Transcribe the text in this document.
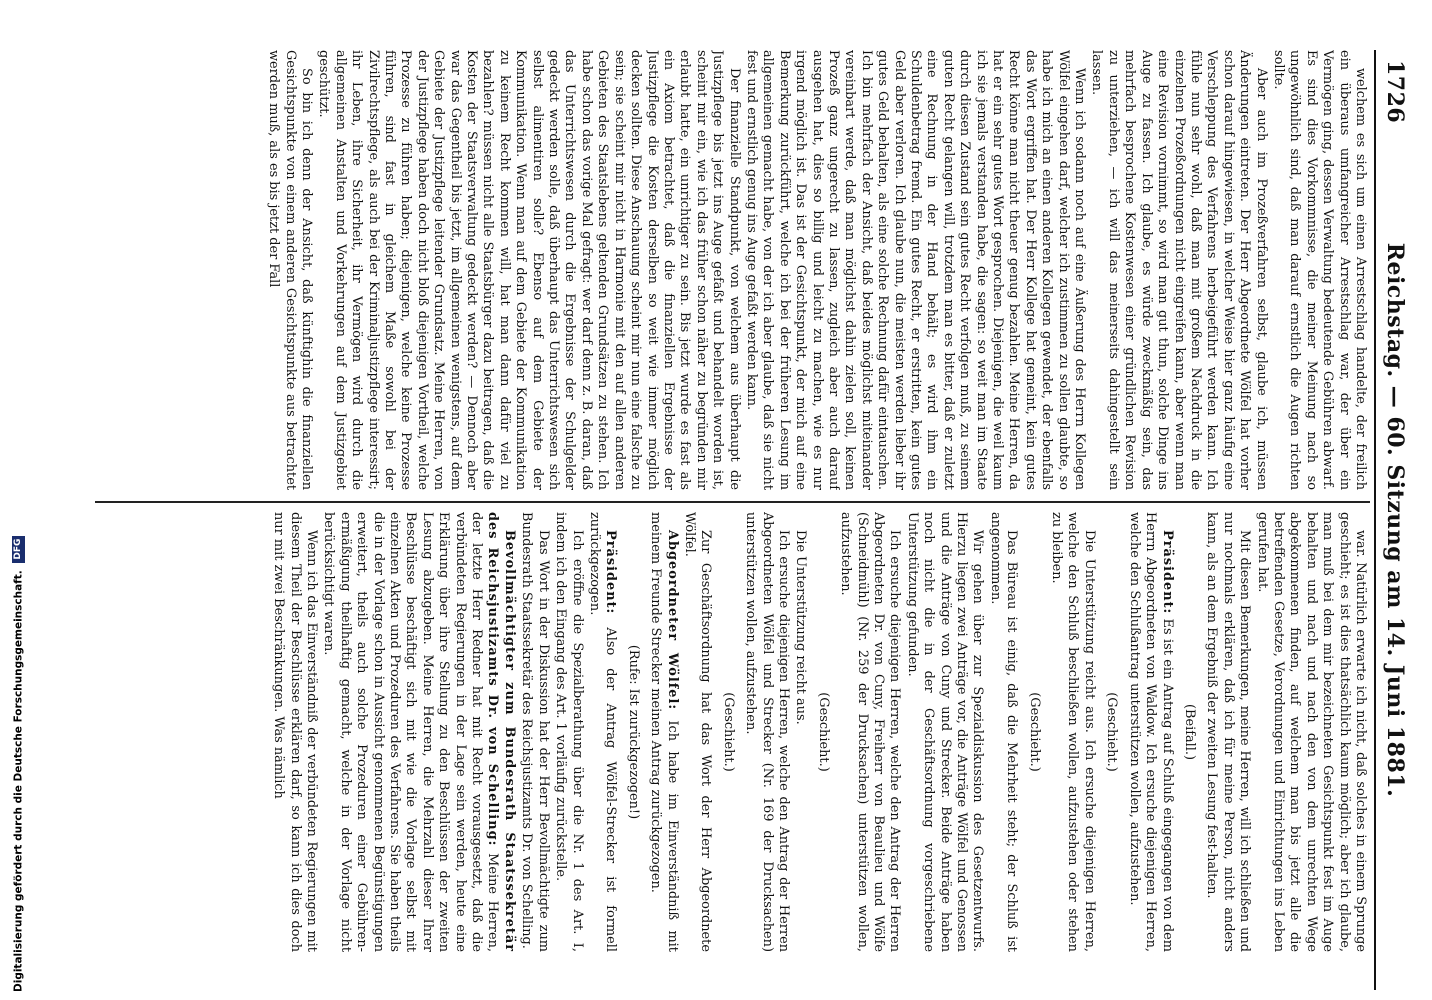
1726
Reichstag. — 60. Sitzung am 14. Juni 1881.

welchem es sich um einen Arrestschlag handelte, der freilich ein überaus umfangreicher Arrestschlag war, der über ein Vermögen ging, dessen Verwaltung bedeutende Gebühren abwarf. Es sind dies Vorkommnisse, die meiner Meinung nach so ungewöhnlich sind, daß man darauf ernstlich die Augen richten sollte.

Aber auch im Prozeßverfahren selbst, glaube ich, müssen Änderungen eintreten. Der Herr Abgeordnete Wölfel hat vorher schon darauf hingewiesen, in welcher Weise hier ganz häufig eine Verschleppung des Verfahrens herbeigeführt werden kann. Ich fühle nun sehr wohl, daß man mit großem Nachdruck in die einzelnen Prozeßordnungen nicht eingreifen kann, aber wenn man eine Revision vornimmt, so wird man gut thun, solche Dinge ins Auge zu fassen. Ich glaube, es würde zweckmäßig sein, das mehrfach besprochene Kostenwesen einer gründlichen Revision zu unterziehen, — ich will das meinerseits dahingestellt sein lassen.

Wenn ich sodann noch auf eine Äußerung des Herrn Kollegen Wölfel eingehen darf, welcher ich zustimmen zu sollen glaubte, so habe ich mich an einen anderen Kollegen gewendet, der ebenfalls das Wort ergriffen hat. Der Herr Kollege hat gemeint, kein gutes Recht könne man nicht theuer genug bezahlen. Meine Herren, da hat er ein sehr gutes Wort gesprochen. Diejenigen, die weil kaum ich sie jemals verstanden habe, die sagen: so weit man im Staate durch diesen Zustand sein gutes Recht verfolgen muß, zu seinem guten Recht gelangen will, trotzdem man es bitter, daß er zuletzt eine Rechnung in der Hand behält; es wird ihm ein Schuldenbetrag fremd. Ein gutes Recht, er erstritten, kein gutes Geld aber verloren. Ich glaube nun, die meisten werden lieber ihr gutes Geld behalten, als eine solche Rechnung dafür eintauschen. Ich bin mehrfach der Ansicht, daß beides möglichst miteinander vereinbart werde, daß man möglichst dahin zielen soll, keinen Prozeß ganz ungerecht zu lassen, zugleich aber auch darauf ausgehen hat, dies so billig und leicht zu machen, wie es nur irgend möglich ist. Das ist der Gesichtspunkt, der mich auf eine Bemerkung zurückführt, welche ich bei der früheren Lesung im allgemeinen gemacht habe, von der ich aber glaube, daß sie nicht fest und ernstlich genug ins Auge gefaßt werden kann.

Der finanzielle Standpunkt, von welchem aus überhaupt die Justizpflege bis jetzt ins Auge gefaßt und behandelt worden ist, scheint mir ein, wie ich das früher schon näher zu begründen mir erlaubt hatte, ein unrichtiger zu sein. Bis jetzt wurde es fast als ein Axiom betrachtet, daß die finanziellen Ergebnisse der Justizpflege die Kosten derselben so weit wie immer möglich decken sollten. Diese Anschauung scheint mir nun eine falsche zu sein; sie scheint mir nicht in Harmonie mit den auf allen anderen Gebieten des Staatslebens geltenden Grundsätzen zu stehen. Ich habe schon das vorige Mal gefragt: wer darf denn z. B. daran, daß das Unterrichtswesen durch die Ergebnisse der Schulgelder gedeckt werden solle, daß überhaupt das Unterrichtswesen sich selbst alimentiren solle? Ebenso auf dem Gebiete der Kommunikation. Wenn man auf dem Gebiete der Kommunikation zu keinem Recht kommen will, hat man dann dafür viel zu bezahlen? müssen nicht alle Staatsbürger dazu beitragen, daß die Kosten der Staatsverwaltung gedeckt werden? — Dennoch aber war das Gegentheil bis jetzt, im allgemeinen wenigstens, auf dem Gebiete der Justizpflege leitender Grundsatz. Meine Herren, von der Justizpflege haben doch nicht bloß diejenigen Vortheil, welche Prozesse zu führen haben; diejenigen, welche keine Prozesse führen, sind fast in gleichem Maße sowohl bei der Zivilrechtspflege, als auch bei der Kriminaljustizpflege interessirt; ihr Leben, ihre Sicherheit, ihr Vermögen wird durch die allgemeinen Anstalten und Vorkehrungen auf dem Justizgebiet geschützt.

So bin ich denn der Ansicht, daß künftighin die finanziellen Gesichtspunkte von einem anderen Gesichtspunkte aus betrachtet werden muß, als es bis jetzt der Fall

war. Natürlich erwarte ich nicht, daß solches in einem Sprunge geschieht; es ist dies thatsächlich kaum möglich; aber ich glaube, man muß bei dem mir bezeichneten Gesichtspunkt fest im Auge behalten und nach und nach den von dem unrechten Wege abgekommenen finden, auf welchem man bis jetzt alle die betreffenden Gesetze, Verordnungen und Einrichtungen ins Leben gerufen hat.

Mit diesen Bemerkungen, meine Herren, will ich schließen und nur nochmals erklären, daß ich für meine Person, nicht anders kann, als an dem Ergebniß der zweiten Lesung fest-halten.

(Beifall.)

Präsident: Es ist ein Antrag auf Schluß eingegangen von dem Herrn Abgeordneten von Waldow. Ich ersuche diejenigen Herren, welche den Schlußantrag unterstützen wollen, aufzustehen.

(Geschieht.)

Die Unterstützung reicht aus. Ich ersuche diejenigen Herren, welche den Schluß beschließen wollen, aufzustehen oder stehen zu bleiben.

(Geschieht.)

Das Büreau ist einig, daß die Mehrheit steht; der Schluß ist angenommen.

Wir gehen über zur Spezialdiskussion des Gesetzentwurfs. Hierzu liegen zwei Anträge vor, die Anträge Wölfel und Genossen und die Anträge von Cuny und Strecker. Beide Anträge haben noch nicht die in der Geschäftsordnung vorgeschriebene Unterstützung gefunden.

Ich ersuche diejenigen Herren, welche den Antrag der Herren Abgeordneten Dr. von Cuny, Freiherr von Beaulieu und Wölfe (Schneidmühl) (Nr. 259 der Drucksachen) unterstützen wollen, aufzustehen.

(Geschieht.)

Die Unterstützung reicht aus.

Ich ersuche diejenigen Herren, welche den Antrag der Herren Abgeordneten Wölfel und Strecker (Nr. 169 der Drucksachen) unterstützen wollen, aufzustehen.

(Geschieht.)

Zur Geschäftsordnung hat das Wort der Herr Abgeordnete Wölfel.

Abgeordneter Wölfel: Ich habe im Einverständniß mit meinem Freunde Strecker meinen Antrag zurückgezogen.

(Rufe: Ist zurückgezogen!)

Präsident: Also der Antrag Wölfel-Strecker ist formell zurückgezogen.

Ich eröffne die Spezialberathung über die Nr. 1 des Art. I, indem ich den Eingang des Art. 1 vorläufig zurückstelle.

Das Wort in der Diskussion hat der Herr Bevollmächtigte zum Bundesrath Staatssekretär des Reichsjustizamts Dr. von Schelling.

Bevollmächtigter zum Bundesrath Staatssekretär des Reichsjustizamts Dr. von Schelling: Meine Herren, der letzte Herr Redner hat mit Recht vorausgesetzt, daß die verbündeten Regierungen in der Lage sein werden, heute eine Erklärung über ihre Stellung zu den Beschlüssen der zweiten Lesung abzugeben. Meine Herren, die Mehrzahl dieser Ihrer Beschlüsse beschäftigt sich mit wie die Vorlage selbst mit einzelnen Akten und Prozeduren des Verfahrens. Sie haben theils die in der Vorlage schon in Aussicht genommenen Begünstigungen erweitert, theils auch solche Prozeduren einer Gebühren-ermäßigung theilhaftig gemacht, welche in der Vorlage nicht berücksichtigt waren.

Wenn ich das Einverständniß der verbündeten Regierungen mit diesem Theil der Beschlüsse erklären darf, so kann ich dies doch nur mit zwei Beschränkungen. Was nämlich

Digitalisierung gefördert durch die Deutsche Forschungsgemeinschaft. DFG
